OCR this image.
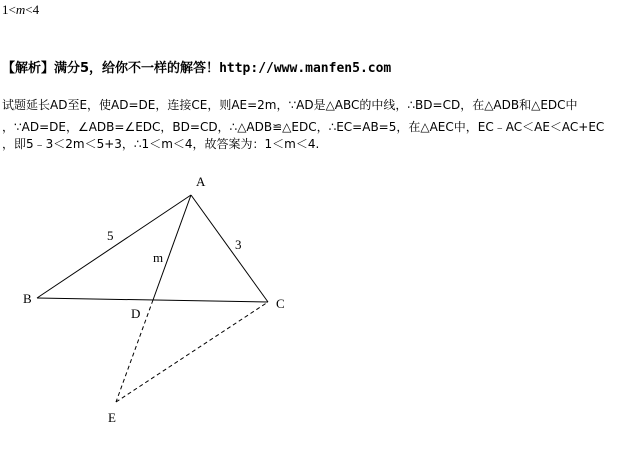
1<m<4
【解析】满分5，给你不一样的解答！http://www.manfen5.com
试题延长AD至E，使AD=DE，连接CE，则AE=2m，∵AD是△ABC的中线，∴BD=CD，在△ADB和△EDC中
，∵AD=DE，∠ADB=∠EDC，BD=CD，∴△ADB≌△EDC，∴EC=AB=5，在△AEC中，EC﹣AC＜AE＜AC+EC
，即5﹣3＜2m＜5+3，∴1＜m＜4，故答案为：1＜m＜4.
A
B	C
D
E
5
3
m
